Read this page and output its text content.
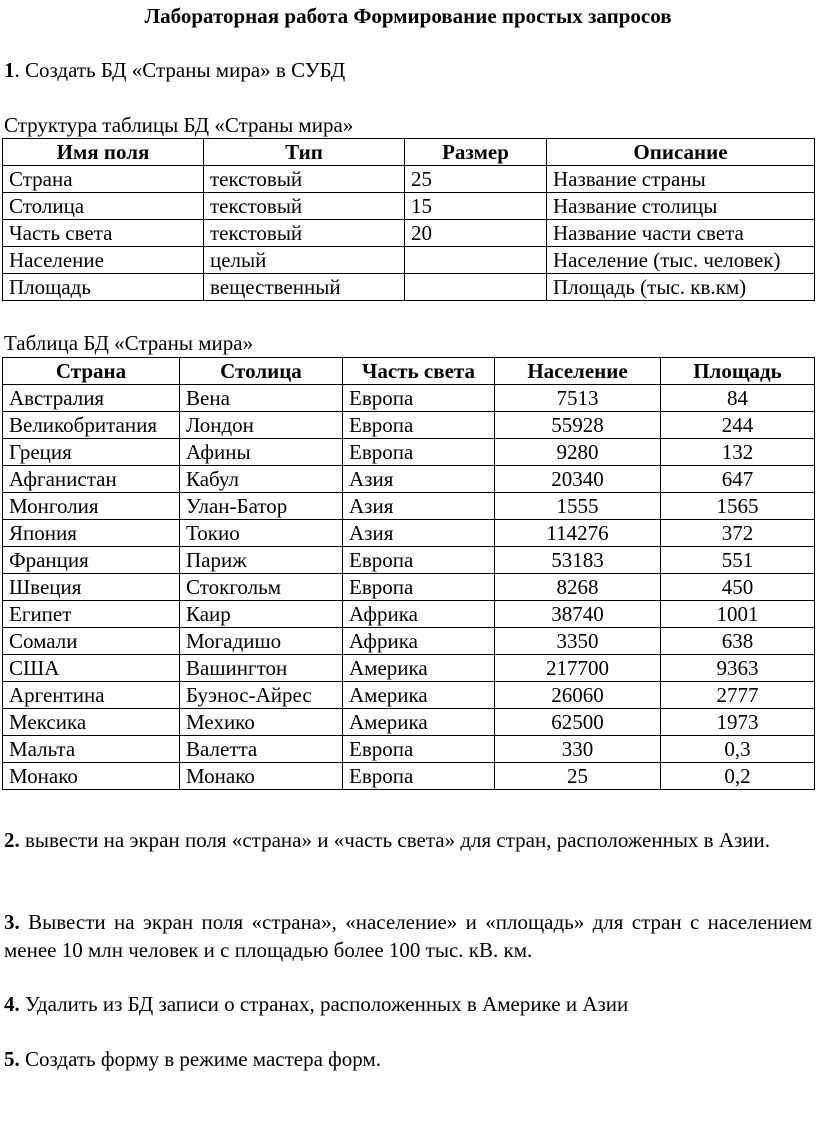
Лабораторная работа Формирование простых запросов
1. Создать БД «Страны мира» в СУБД
Структура таблицы БД «Страны мира»
Имя поля	Тип	Размер	Описание
Страна	текстовый	25	Название страны
Столица	текстовый	15	Название столицы
Часть света	текстовый	20	Название части света
Население	целый		Население (тыс. человек)
Площадь	вещественный		Площадь (тыс. кв.км)
Таблица БД «Страны мира»
Страна	Столица	Часть света	Население	Площадь
Австралия	Вена	Европа	7513	84
Великобритания	Лондон	Европа	55928	244
Греция	Афины	Европа	9280	132
Афганистан	Кабул	Азия	20340	647
Монголия	Улан-Батор	Азия	1555	1565
Япония	Токио	Азия	114276	372
Франция	Париж	Европа	53183	551
Швеция	Стокгольм	Европа	8268	450
Египет	Каир	Африка	38740	1001
Сомали	Могадишо	Африка	3350	638
США	Вашингтон	Америка	217700	9363
Аргентина	Буэнос-Айрес	Америка	26060	2777
Мексика	Мехико	Америка	62500	1973
Мальта	Валетта	Европа	330	0,3
Монако	Монако	Европа	25	0,2
2. вывести на экран поля «страна» и «часть света» для стран, расположенных в Азии.
3. Вывести на экран поля «страна», «население» и «площадь» для стран с населением менее 10 млн человек и с площадью более 100 тыс. кВ. км.
4. Удалить из БД записи о странах, расположенных в Америке и Азии
5. Создать форму в режиме мастера форм.
